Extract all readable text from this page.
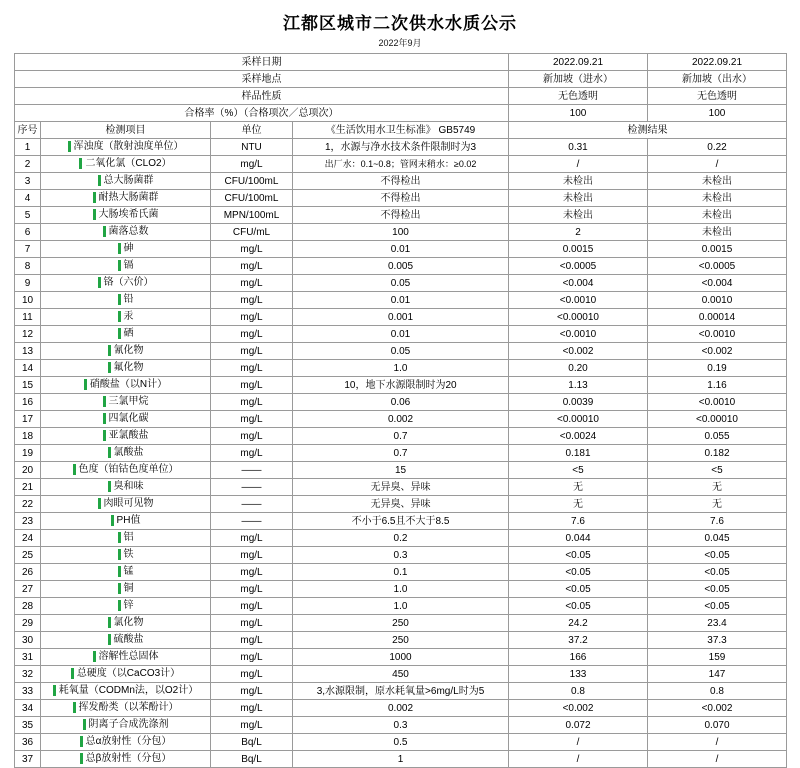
江都区城市二次供水水质公示
2022年9月
采样日期				2022.09.21	2022.09.21
采样地点				新加坡（进水）	新加坡（出水）
样品性质				无色透明	无色透明
合格率（%）（合格项次／总项次）				100	100
序号	检测项目	单位	《生活饮用水卫生标准》 GB5749	检测结果	
1	浑浊度（散射浊度单位）	NTU	1，水源与净水技术条件限制时为3	0.31	0.22
2	二氧化氯（CLO2）	mg/L	出厂水：0.1~0.8；管网末稍水：≥0.02	/	/
3	总大肠菌群	CFU/100mL	不得检出	未检出	未检出
4	耐热大肠菌群	CFU/100mL	不得检出	未检出	未检出
5	大肠埃希氏菌	MPN/100mL	不得检出	未检出	未检出
6	菌落总数	CFU/mL	100	2	未检出
7	砷	mg/L	0.01	0.0015	0.0015
8	镉	mg/L	0.005	<0.0005	<0.0005
9	铬（六价）	mg/L	0.05	<0.004	<0.004
10	铅	mg/L	0.01	<0.0010	0.0010
11	汞	mg/L	0.001	<0.00010	0.00014
12	硒	mg/L	0.01	<0.0010	<0.0010
13	氰化物	mg/L	0.05	<0.002	<0.002
14	氟化物	mg/L	1.0	0.20	0.19
15	硝酸盐（以N计）	mg/L	10，地下水源限制时为20	1.13	1.16
16	三氯甲烷	mg/L	0.06	0.0039	<0.0010
17	四氯化碳	mg/L	0.002	<0.00010	<0.00010
18	亚氯酸盐	mg/L	0.7	<0.0024	0.055
19	氯酸盐	mg/L	0.7	0.181	0.182
20	色度（铂钴色度单位）	——	15	<5	<5
21	臭和味	——	无异臭、异味	无	无
22	肉眼可见物	——	无异臭、异味	无	无
23	PH值	——	不小于6.5且不大于8.5	7.6	7.6
24	铝	mg/L	0.2	0.044	0.045
25	铁	mg/L	0.3	<0.05	<0.05
26	锰	mg/L	0.1	<0.05	<0.05
27	铜	mg/L	1.0	<0.05	<0.05
28	锌	mg/L	1.0	<0.05	<0.05
29	氯化物	mg/L	250	24.2	23.4
30	硫酸盐	mg/L	250	37.2	37.3
31	溶解性总固体	mg/L	1000	166	159
32	总硬度（以CaCO3计）	mg/L	450	133	147
33	耗氧量（CODMn法，以O2计）	mg/L	3,水源限制，原水耗氧量>6mg/L时为5	0.8	0.8
34	挥发酚类（以苯酚计）	mg/L	0.002	<0.002	<0.002
35	阴离子合成洗涤剂	mg/L	0.3	0.072	0.070
36	总α放射性（分包）	Bq/L	0.5	/	/
37	总β放射性（分包）	Bq/L	1	/	/
